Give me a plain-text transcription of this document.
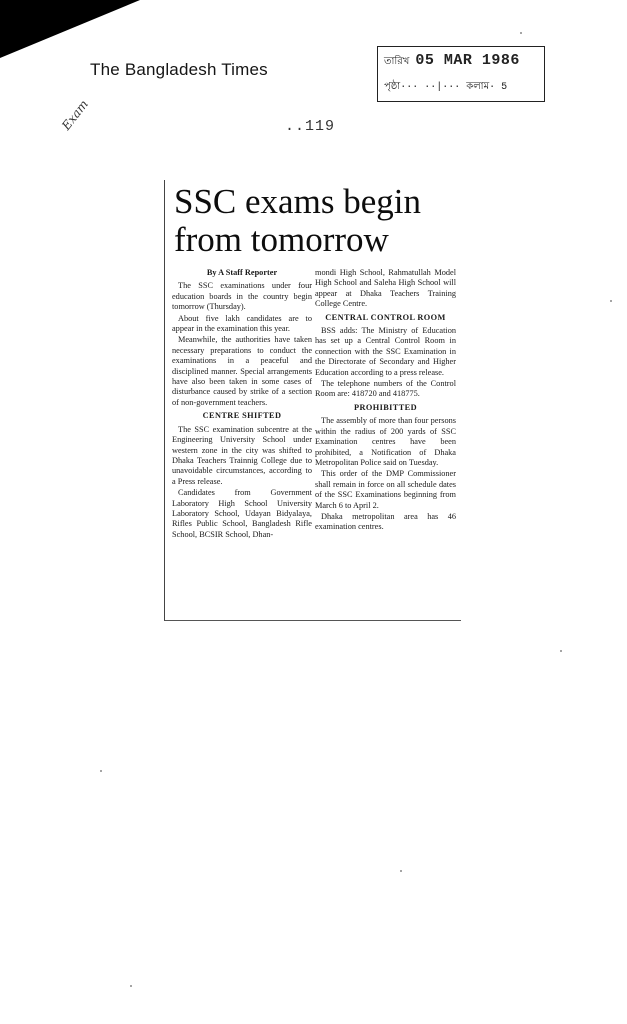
The Bangladesh Times	তারিখ 05 MAR 1986
পৃষ্ঠা··· ··|··· কলাম· 5
Exam	..119
SSC exams begin
from tomorrow
By A Staff Reporter

The SSC examinations under four education boards in the country begin tomorrow (Thursday).

About five lakh candidates are to appear in the examination this year.

Meanwhile, the authorities have taken necessary preparations to conduct the examinations in a peaceful and disciplined manner. Special arrangements have also been taken in some cases of disturbance caused by strike of a section of non-government teachers.

CENTRE SHIFTED

The SSC examination subcentre at the Engineering University School under western zone in the city was shifted to Dhaka Teachers Trainnig College due to unavoidable circumstances, according to a Press release.

Candidates from Government Laboratory High School University Laboratory School, Udayan Bidyalaya, Rifles Public School, Bangladesh Rifle School, BCSIR School, Dhan-

mondi High School, Rahmatullah Model High School and Saleha High School will appear at Dhaka Teachers Training College Centre.

CENTRAL CONTROL ROOM

BSS adds: The Ministry of Education has set up a Central Control Room in connection with the SSC Examination in the Directorate of Secondary and Higher Education according to a press release.

The telephone numbers of the Control Room are: 418720 and 418775.

PROHIBITTED

The assembly of more than four persons within the radius of 200 yards of SSC Examination centres have been prohibited, a Notification of Dhaka Metropolitan Police said on Tuesday.

This order of the DMP Commissioner shall remain in force on all schedule dates of the SSC Examinations beginning from March 6 to April 2.

Dhaka metropolitan area has 46 examination centres.
